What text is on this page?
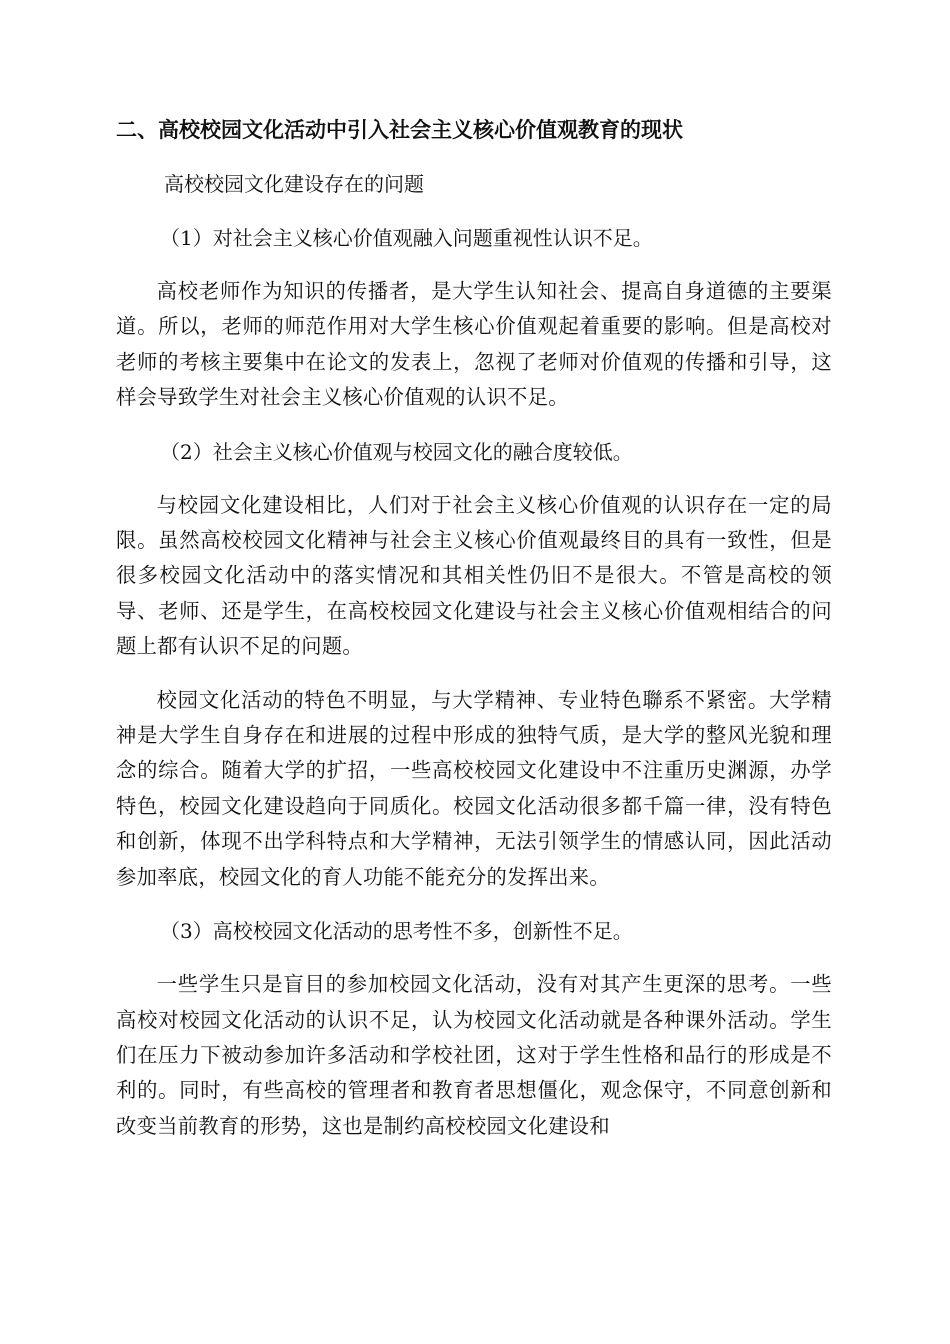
二、高校校园文化活动中引入社会主义核心价值观教育的现状
高校校园文化建设存在的问题
（1）对社会主义核心价值观融入问题重视性认识不足。

高校老师作为知识的传播者，是大学生认知社会、提高自身道德的主要渠道。所以，老师的师范作用对大学生核心价值观起着重要的影响。但是高校对老师的考核主要集中在论文的发表上，忽视了老师对价值观的传播和引导，这样会导致学生对社会主义核心价值观的认识不足。

（2）社会主义核心价值观与校园文化的融合度较低。

与校园文化建设相比，人们对于社会主义核心价值观的认识存在一定的局限。虽然高校校园文化精神与社会主义核心价值观最终目的具有一致性，但是很多校园文化活动中的落实情况和其相关性仍旧不是很大。不管是高校的领导、老师、还是学生，在高校校园文化建设与社会主义核心价值观相结合的问题上都有认识不足的问题。

校园文化活动的特色不明显，与大学精神、专业特色聯系不紧密。大学精神是大学生自身存在和进展的过程中形成的独特气质，是大学的整风光貌和理念的综合。随着大学的扩招，一些高校校园文化建设中不注重历史渊源，办学特色，校园文化建设趋向于同质化。校园文化活动很多都千篇一律，没有特色和创新，体现不出学科特点和大学精神，无法引领学生的情感认同，因此活动参加率底，校园文化的育人功能不能充分的发挥出来。

（3）高校校园文化活动的思考性不多，创新性不足。

一些学生只是盲目的参加校园文化活动，没有对其产生更深的思考。一些高校对校园文化活动的认识不足，认为校园文化活动就是各种课外活动。学生们在压力下被动参加许多活动和学校社团，这对于学生性格和品行的形成是不利的。同时，有些高校的管理者和教育者思想僵化，观念保守，不同意创新和改变当前教育的形势，这也是制约高校校园文化建设和
